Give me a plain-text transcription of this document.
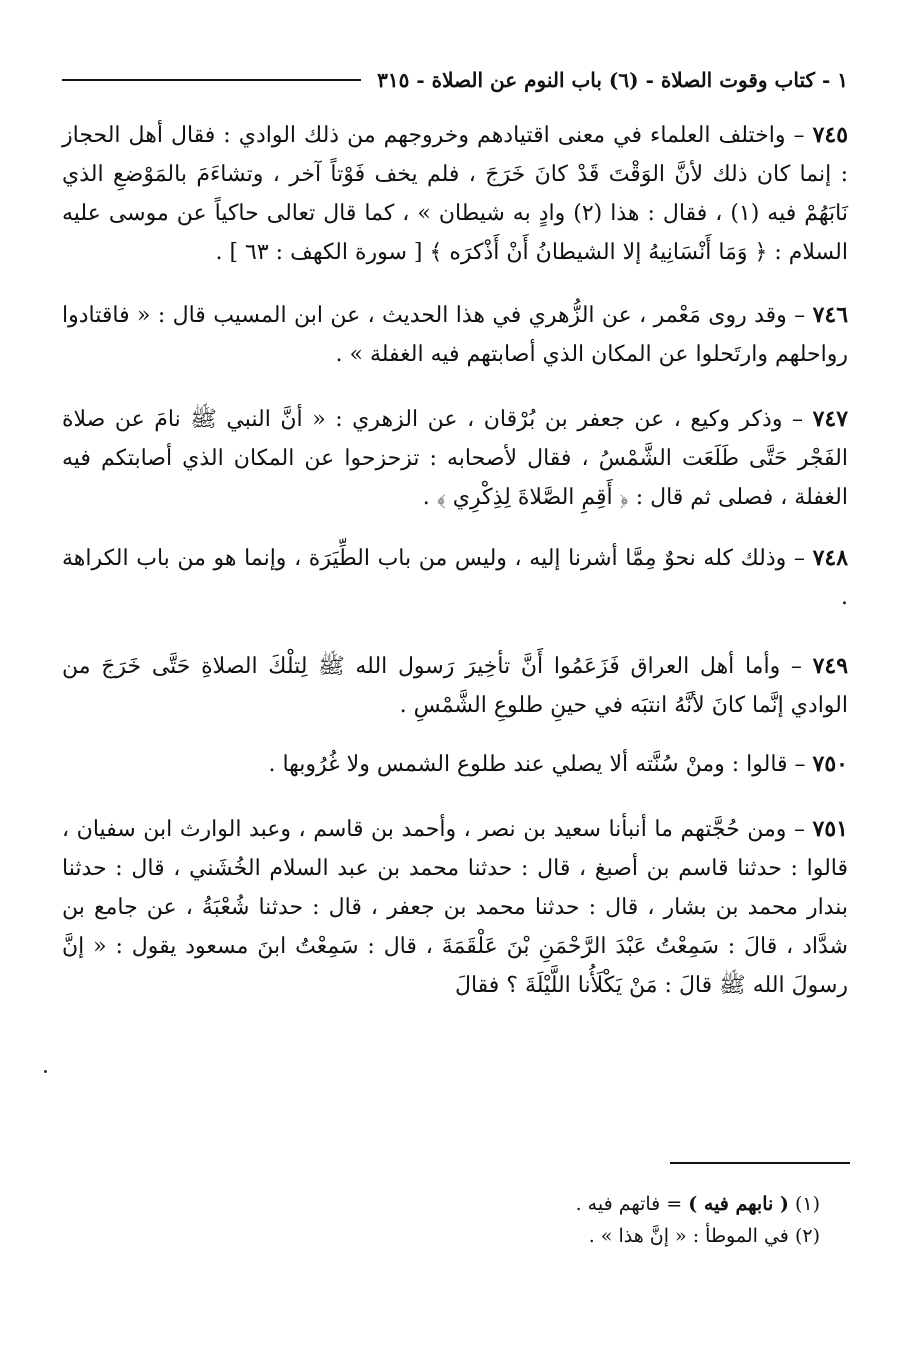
١ - كتاب وقوت الصلاة - (٦) باب النوم عن الصلاة - ٣١٥

٧٤٥ – واختلف العلماء في معنى اقتيادهم وخروجهم من ذلك الوادي : فقال أهل الحجاز : إنما كان ذلك لأنَّ الوَقْتَ قَدْ كانَ خَرَجَ ، فلم يخف فَوْتاً آخر ، وتشاءَمَ بالمَوْضعِ الذي نَابَهُمْ فيه (١) ، فقال : هذا (٢) وادٍ به شيطان » ، كما قال تعالى حاكياً عن موسى عليه السلام : ﴿ وَمَا أَنْسَانِيهُ إلا الشيطانُ أَنْ أَذْكرَه ﴾ [ سورة الكهف : ٦٣ ] .

٧٤٦ – وقد روى مَعْمر ، عن الزُّهري في هذا الحديث ، عن ابن المسيب قال : « فاقتادوا رواحلهم وارتَحلوا عن المكان الذي أصابتهم فيه الغفلة » .

٧٤٧ – وذكر وكيع ، عن جعفر بن بُرْقان ، عن الزهري : « أنَّ النبي ﷺ نامَ عن صلاة الفَجْر حَتَّى طَلَعَت الشَّمْسُ ، فقال لأصحابه : تزحزحوا عن المكان الذي أصابتكم فيه الغفلة ، فصلى ثم قال : ﴿ أَقِمِ الصَّلاةَ لِذِكْرِي ﴾ .

٧٤٨ – وذلك كله نحوٌ مِمَّا أشرنا إليه ، وليس من باب الطِّيَرَة ، وإنما هو من باب الكراهة .

٧٤٩ – وأما أهل العراق فَزَعَمُوا أَنَّ تأخِيرَ رَسول الله ﷺ لِتلْكَ الصلاةِ حَتَّى خَرَجَ من الوادي إنَّما كانَ لأنَّهُ انتبَه في حينِ طلوعِ الشَّمْسِ .

٧٥٠ – قالوا : ومنْ سُنَّته ألا يصلي عند طلوع الشمس ولا غُرُوبها .

٧٥١ – ومن حُجَّتهم ما أنبأنا سعيد بن نصر ، وأحمد بن قاسم ، وعبد الوارث ابن سفيان ، قالوا : حدثنا قاسم بن أصبغ ، قال : حدثنا محمد بن عبد السلام الخُشَني ، قال : حدثنا بندار محمد بن بشار ، قال : حدثنا محمد بن جعفر ، قال : حدثنا شُعْبَةُ ، عن جامع بن شدَّاد ، قالَ : سَمِعْتُ عَبْدَ الرَّحْمَنِ بْنَ عَلْقَمَةَ ، قال : سَمِعْتُ ابنَ مسعود يقول : « إنَّ رسولَ الله ﷺ قالَ : مَنْ يَكْلَأُنا اللَّيْلَةَ ؟ فقالَ

(١) ( نابهم فيه ) = فاتهم فيه .

(٢) في الموطأ : « إنَّ هذا » .
